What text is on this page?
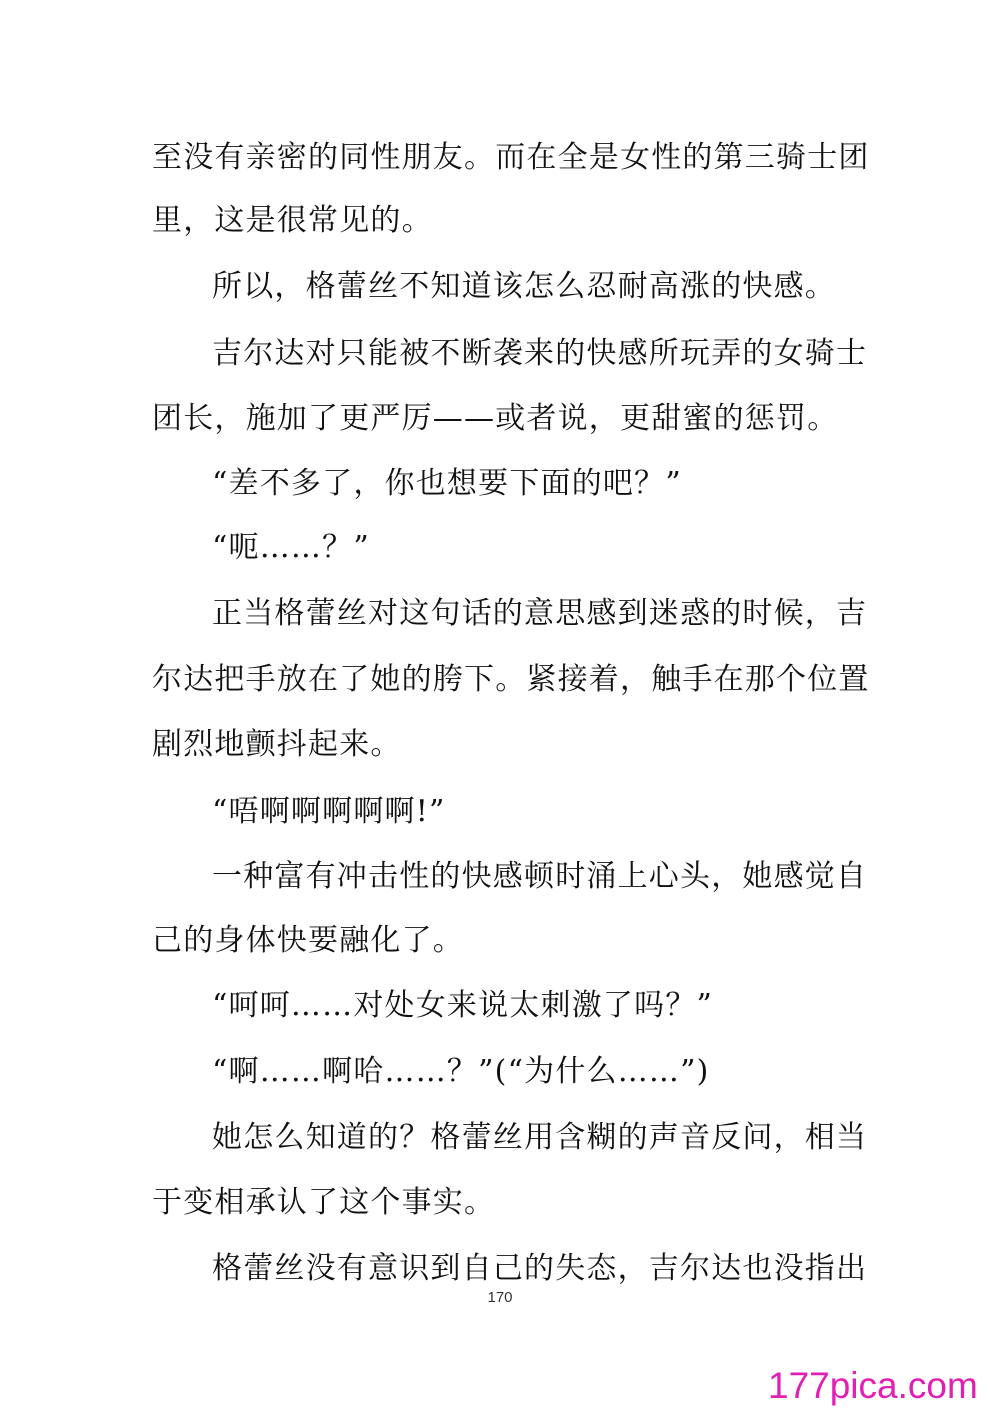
至没有亲密的同性朋友。而在全是女性的第三骑士团
里，这是很常见的。
所以，格蕾丝不知道该怎么忍耐高涨的快感。
吉尔达对只能被不断袭来的快感所玩弄的女骑士
团长，施加了更严厉——或者说，更甜蜜的惩罚。
“差不多了，你也想要下面的吧？”
“呃……？”
正当格蕾丝对这句话的意思感到迷惑的时候，吉
尔达把手放在了她的胯下。紧接着，触手在那个位置
剧烈地颤抖起来。
“唔啊啊啊啊啊!”
一种富有冲击性的快感顿时涌上心头，她感觉自
己的身体快要融化了。
“呵呵……对处女来说太刺激了吗？”
“啊……啊哈……？”(“为什么……”)
她怎么知道的？格蕾丝用含糊的声音反问，相当
于变相承认了这个事实。
格蕾丝没有意识到自己的失态，吉尔达也没指出
170
177pica.com
